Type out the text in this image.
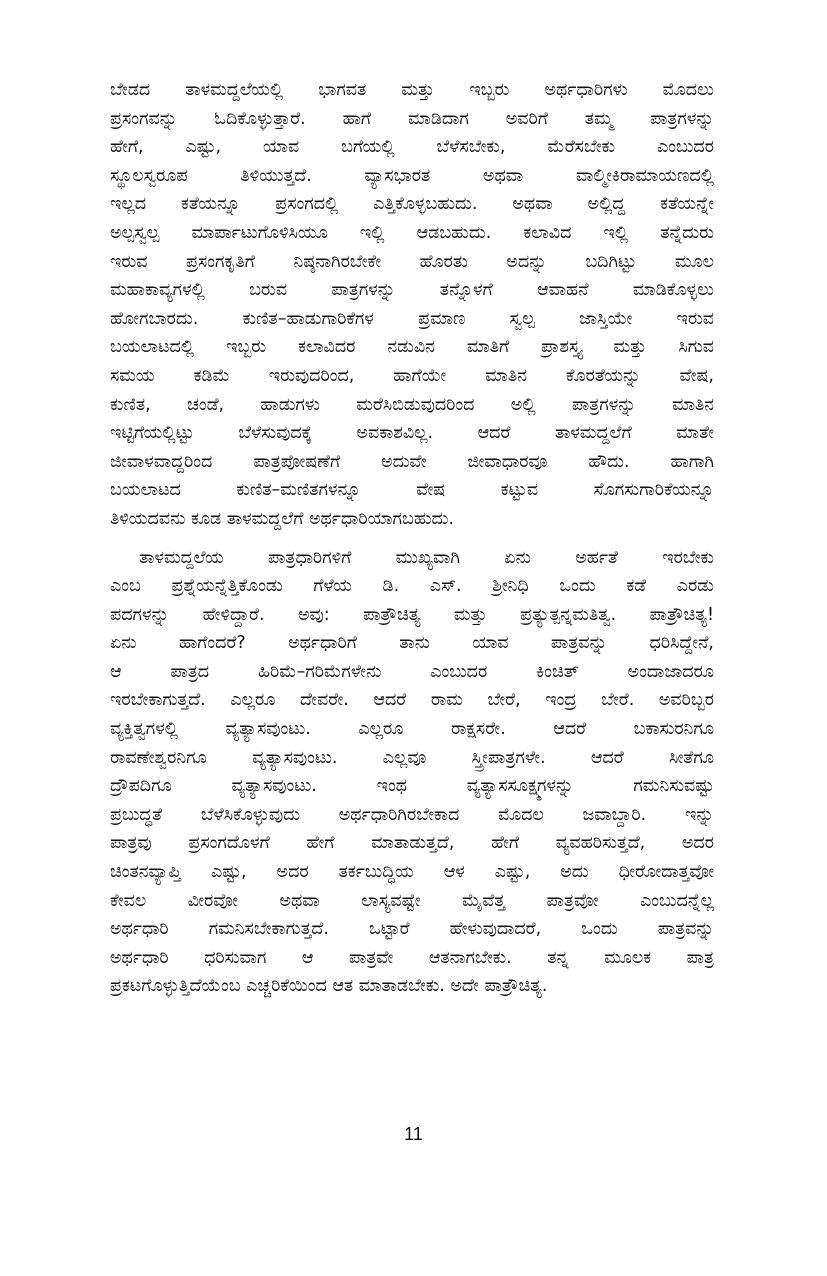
ಬೇಡದ ತಾಳಮದ್ದಲೆಯಲ್ಲಿ ಭಾಗವತ ಮತ್ತು ಇಬ್ಬರು ಅರ್ಥಧಾರಿಗಳು ಮೊದಲು
ಪ್ರಸಂಗವನ್ನು ಓದಿಕೊಳ್ಳುತ್ತಾರೆ. ಹಾಗೆ ಮಾಡಿದಾಗ ಅವರಿಗೆ ತಮ್ಮ ಪಾತ್ರಗಳನ್ನು
ಹೇಗೆ, ಎಷ್ಟು, ಯಾವ ಬಗೆಯಲ್ಲಿ ಬೆಳೆಸಬೇಕು, ಮೆರೆಸಬೇಕು ಎಂಬುದರ
ಸ್ಥೂಲಸ್ವರೂಪ ತಿಳಿಯುತ್ತದೆ. ವ್ಯಾಸಭಾರತ ಅಥವಾ ವಾಲ್ಮೀಕಿರಾಮಾಯಣದಲ್ಲಿ
ಇಲ್ಲದ ಕತೆಯನ್ನೂ ಪ್ರಸಂಗದಲ್ಲಿ ಎತ್ತಿಕೊಳ್ಳಬಹುದು. ಅಥವಾ ಅಲ್ಲಿದ್ದ ಕತೆಯನ್ನೇ
ಅಲ್ಪಸ್ವಲ್ಪ ಮಾರ್ಪಾಟುಗೊಳಿಸಿಯೂ ಇಲ್ಲಿ ಆಡಬಹುದು. ಕಲಾವಿದ ಇಲ್ಲಿ ತನ್ನೆದುರು
ಇರುವ ಪ್ರಸಂಗಕೃತಿಗೆ ನಿಷ್ಠನಾಗಿರಬೇಕೇ ಹೊರತು ಅದನ್ನು ಬದಿಗಿಟ್ಟು ಮೂಲ
ಮಹಾಕಾವ್ಯಗಳಲ್ಲಿ ಬರುವ ಪಾತ್ರಗಳನ್ನು ತನ್ನೊಳಗೆ ಆವಾಹನೆ ಮಾಡಿಕೊಳ್ಳಲು
ಹೋಗಬಾರದು. ಕುಣಿತ–ಹಾಡುಗಾರಿಕೆಗಳ ಪ್ರಮಾಣ ಸ್ವಲ್ಪ ಜಾಸ್ತಿಯೇ ಇರುವ
ಬಯಲಾಟದಲ್ಲಿ ಇಬ್ಬರು ಕಲಾವಿದರ ನಡುವಿನ ಮಾತಿಗೆ ಪ್ರಾಶಸ್ತ್ಯ ಮತ್ತು ಸಿಗುವ
ಸಮಯ ಕಡಿಮೆ ಇರುವುದರಿಂದ, ಹಾಗೆಯೇ ಮಾತಿನ ಕೊರತೆಯನ್ನು ವೇಷ,
ಕುಣಿತ, ಚಂಡೆ, ಹಾಡುಗಳು ಮರೆಸಿಬಿಡುವುದರಿಂದ ಅಲ್ಲಿ ಪಾತ್ರಗಳನ್ನು ಮಾತಿನ
ಇಟ್ಟಿಗೆಯಲ್ಲಿಟ್ಟು ಬೆಳೆಸುವುದಕ್ಕೆ ಅವಕಾಶವಿಲ್ಲ. ಆದರೆ ತಾಳಮದ್ದಲೆಗೆ ಮಾತೇ
ಜೀವಾಳವಾದ್ದರಿಂದ ಪಾತ್ರಪೋಷಣೆಗೆ ಅದುವೇ ಜೀವಾಧಾರವೂ ಹೌದು. ಹಾಗಾಗಿ
ಬಯಲಾಟದ ಕುಣಿತ–ಮಣಿತಗಳನ್ನೂ ವೇಷ ಕಟ್ಟುವ ಸೊಗಸುಗಾರಿಕೆಯನ್ನೂ
ತಿಳಿಯದವನು ಕೂಡ ತಾಳಮದ್ದಲೆಗೆ ಅರ್ಥಧಾರಿಯಾಗಬಹುದು.
ತಾಳಮದ್ದಲೆಯ ಪಾತ್ರಧಾರಿಗಳಿಗೆ ಮುಖ್ಯವಾಗಿ ಏನು ಅರ್ಹತೆ ಇರಬೇಕು
ಎಂಬ ಪ್ರಶ್ನೆಯನ್ನೆತ್ತಿಕೊಂಡು ಗೆಳೆಯ ಡಿ. ಎಸ್. ಶ್ರೀನಿಧಿ ಒಂದು ಕಡೆ ಎರಡು
ಪದಗಳನ್ನು ಹೇಳಿದ್ದಾರೆ. ಅವು: ಪಾತ್ರೌಚಿತ್ಯ ಮತ್ತು ಪ್ರತ್ಯುತ್ಪನ್ನಮತಿತ್ವ. ಪಾತ್ರೌಚಿತ್ಯ!
ಏನು ಹಾಗೆಂದರೆ? ಅರ್ಥಧಾರಿಗೆ ತಾನು ಯಾವ ಪಾತ್ರವನ್ನು ಧರಿಸಿದ್ದೇನೆ,
ಆ ಪಾತ್ರದ ಹಿರಿಮೆ–ಗರಿಮೆಗಳೇನು ಎಂಬುದರ ಕಿಂಚಿತ್ ಅಂದಾಜಾದರೂ
ಇರಬೇಕಾಗುತ್ತದೆ. ಎಲ್ಲರೂ ದೇವರೇ. ಆದರೆ ರಾಮ ಬೇರೆ, ಇಂದ್ರ ಬೇರೆ. ಅವರಿಬ್ಬರ
ವ್ಯಕ್ತಿತ್ವಗಳಲ್ಲಿ ವ್ಯತ್ಯಾಸವುಂಟು. ಎಲ್ಲರೂ ರಾಕ್ಷಸರೇ. ಆದರೆ ಬಕಾಸುರನಿಗೂ
ರಾವಣೇಶ್ವರನಿಗೂ ವ್ಯತ್ಯಾಸವುಂಟು. ಎಲ್ಲವೂ ಸ್ತ್ರೀಪಾತ್ರಗಳೇ. ಆದರೆ ಸೀತೆಗೂ
ದ್ರೌಪದಿಗೂ ವ್ಯತ್ಯಾಸವುಂಟು. ಇಂಥ ವ್ಯತ್ಯಾಸಸೂಕ್ಷ್ಮಗಳನ್ನು ಗಮನಿಸುವಷ್ಟು
ಪ್ರಬುದ್ಧತೆ ಬೆಳೆಸಿಕೊಳ್ಳುವುದು ಅರ್ಥಧಾರಿಗಿರಬೇಕಾದ ಮೊದಲ ಜವಾಬ್ದಾರಿ. ಇನ್ನು
ಪಾತ್ರವು ಪ್ರಸಂಗದೊಳಗೆ ಹೇಗೆ ಮಾತಾಡುತ್ತದೆ, ಹೇಗೆ ವ್ಯವಹರಿಸುತ್ತದೆ, ಅದರ
ಚಿಂತನವ್ಯಾಪ್ತಿ ಎಷ್ಟು, ಅದರ ತರ್ಕಬುದ್ಧಿಯ ಆಳ ಎಷ್ಟು, ಅದು ಧೀರೋದಾತ್ತವೋ
ಕೇವಲ ವೀರವೋ ಅಥವಾ ಲಾಸ್ಯವಷ್ಟೇ ಮೈವೆತ್ತ ಪಾತ್ರವೋ ಎಂಬುದನ್ನೆಲ್ಲ
ಅರ್ಥಧಾರಿ ಗಮನಿಸಬೇಕಾಗುತ್ತದೆ. ಒಟ್ಟಾರೆ ಹೇಳುವುದಾದರೆ, ಒಂದು ಪಾತ್ರವನ್ನು
ಅರ್ಥಧಾರಿ ಧರಿಸುವಾಗ ಆ ಪಾತ್ರವೇ ಆತನಾಗಬೇಕು. ತನ್ನ ಮೂಲಕ ಪಾತ್ರ
ಪ್ರಕಟಗೊಳ್ಳುತ್ತಿದೆಯೆಂಬ ಎಚ್ಚರಿಕೆಯಿಂದ ಆತ ಮಾತಾಡಬೇಕು. ಅದೇ ಪಾತ್ರೌಚಿತ್ಯ.
11
